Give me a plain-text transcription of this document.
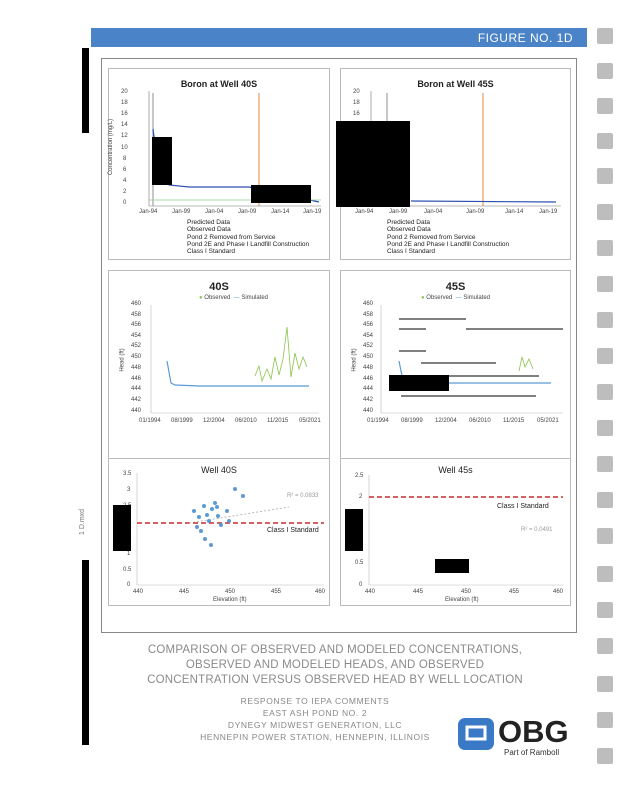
FIGURE NO. 1D
1 D.mxd
Boron at Well 40S
20
18
16
14
12
10
8
6
4
2
0
Concentration (mg/L)
Jan-94 Jan-99 Jan-04 Jan-09 Jan-14 Jan-19
Predicted Data
Observed Data
Pond 2 Removed from Service
Pond 2E and Phase I Landfill Construction
Class I Standard
Boron at Well 45S
20
18
16
Jan-94	Jan-99	Jan-04	Jan-09	Jan-14	Jan-19
Predicted Data
Observed Data
Pond 2 Removed from Service
Pond 2E and Phase I Landfill Construction
Class I Standard
40S
● Observed — Simulated
460
458
456
454
452
450
448
446
444
442
440
Head (ft)
01/1994 08/1999 12/2004 06/2010 11/2015 05/2021
45S
● Observed — Simulated
460
458
456
454
452
450
448
446
444
442
440
Head (ft)
01/1994 08/1999 12/2004 06/2010 11/2015 05/2021
Well 40S
3.5
3
1
0.5
0
440	445	450	455	460
Elevation (ft)
R² = 0.0833
Class I Standard
Well 45s
2.5
2
0.5
0
440	445	450	455	460
Elevation (ft)
R² = 0.0491
Class I Standard
COMPARISON OF OBSERVED AND MODELED CONCENTRATIONS,
OBSERVED AND MODELED HEADS, AND OBSERVED
CONCENTRATION VERSUS OBSERVED HEAD BY WELL LOCATION
RESPONSE TO IEPA COMMENTS
EAST ASH POND NO. 2
DYNEGY MIDWEST GENERATION, LLC
HENNEPIN POWER STATION, HENNEPIN, ILLINOIS	OBG
Part of Ramboll
